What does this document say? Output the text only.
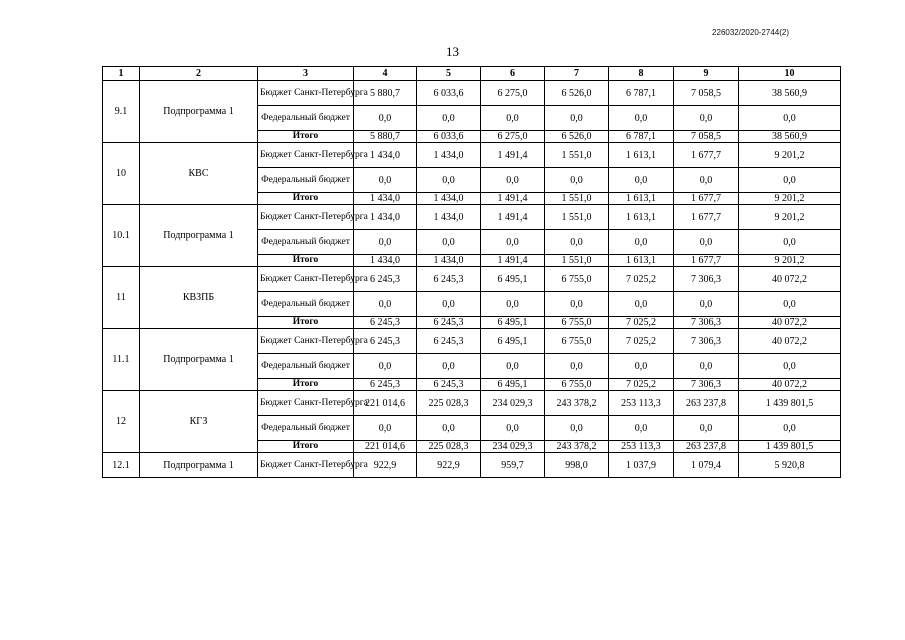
226032/2020-2744(2)
13
1	2	3	4	5	6	7	8	9	10
9.1	Подпрограмма 1	Бюджет Санкт-Петербурга	5 880,7	6 033,6	6 275,0	6 526,0	6 787,1	7 058,5	38 560,9
		Федеральный бюджет	0,0	0,0	0,0	0,0	0,0	0,0	0,0
		Итого	5 880,7	6 033,6	6 275,0	6 526,0	6 787,1	7 058,5	38 560,9
10	КВС	Бюджет Санкт-Петербурга	1 434,0	1 434,0	1 491,4	1 551,0	1 613,1	1 677,7	9 201,2
		Федеральный бюджет	0,0	0,0	0,0	0,0	0,0	0,0	0,0
		Итого	1 434,0	1 434,0	1 491,4	1 551,0	1 613,1	1 677,7	9 201,2
10.1	Подпрограмма 1	Бюджет Санкт-Петербурга	1 434,0	1 434,0	1 491,4	1 551,0	1 613,1	1 677,7	9 201,2
		Федеральный бюджет	0,0	0,0	0,0	0,0	0,0	0,0	0,0
		Итого	1 434,0	1 434,0	1 491,4	1 551,0	1 613,1	1 677,7	9 201,2
11	КВЗПБ	Бюджет Санкт-Петербурга	6 245,3	6 245,3	6 495,1	6 755,0	7 025,2	7 306,3	40 072,2
		Федеральный бюджет	0,0	0,0	0,0	0,0	0,0	0,0	0,0
		Итого	6 245,3	6 245,3	6 495,1	6 755,0	7 025,2	7 306,3	40 072,2
11.1	Подпрограмма 1	Бюджет Санкт-Петербурга	6 245,3	6 245,3	6 495,1	6 755,0	7 025,2	7 306,3	40 072,2
		Федеральный бюджет	0,0	0,0	0,0	0,0	0,0	0,0	0,0
		Итого	6 245,3	6 245,3	6 495,1	6 755,0	7 025,2	7 306,3	40 072,2
12	КГЗ	Бюджет Санкт-Петербурга	221 014,6	225 028,3	234 029,3	243 378,2	253 113,3	263 237,8	1 439 801,5
		Федеральный бюджет	0,0	0,0	0,0	0,0	0,0	0,0	0,0
		Итого	221 014,6	225 028,3	234 029,3	243 378,2	253 113,3	263 237,8	1 439 801,5
12.1	Подпрограмма 1	Бюджет Санкт-Петербурга	922,9	922,9	959,7	998,0	1 037,9	1 079,4	5 920,8
